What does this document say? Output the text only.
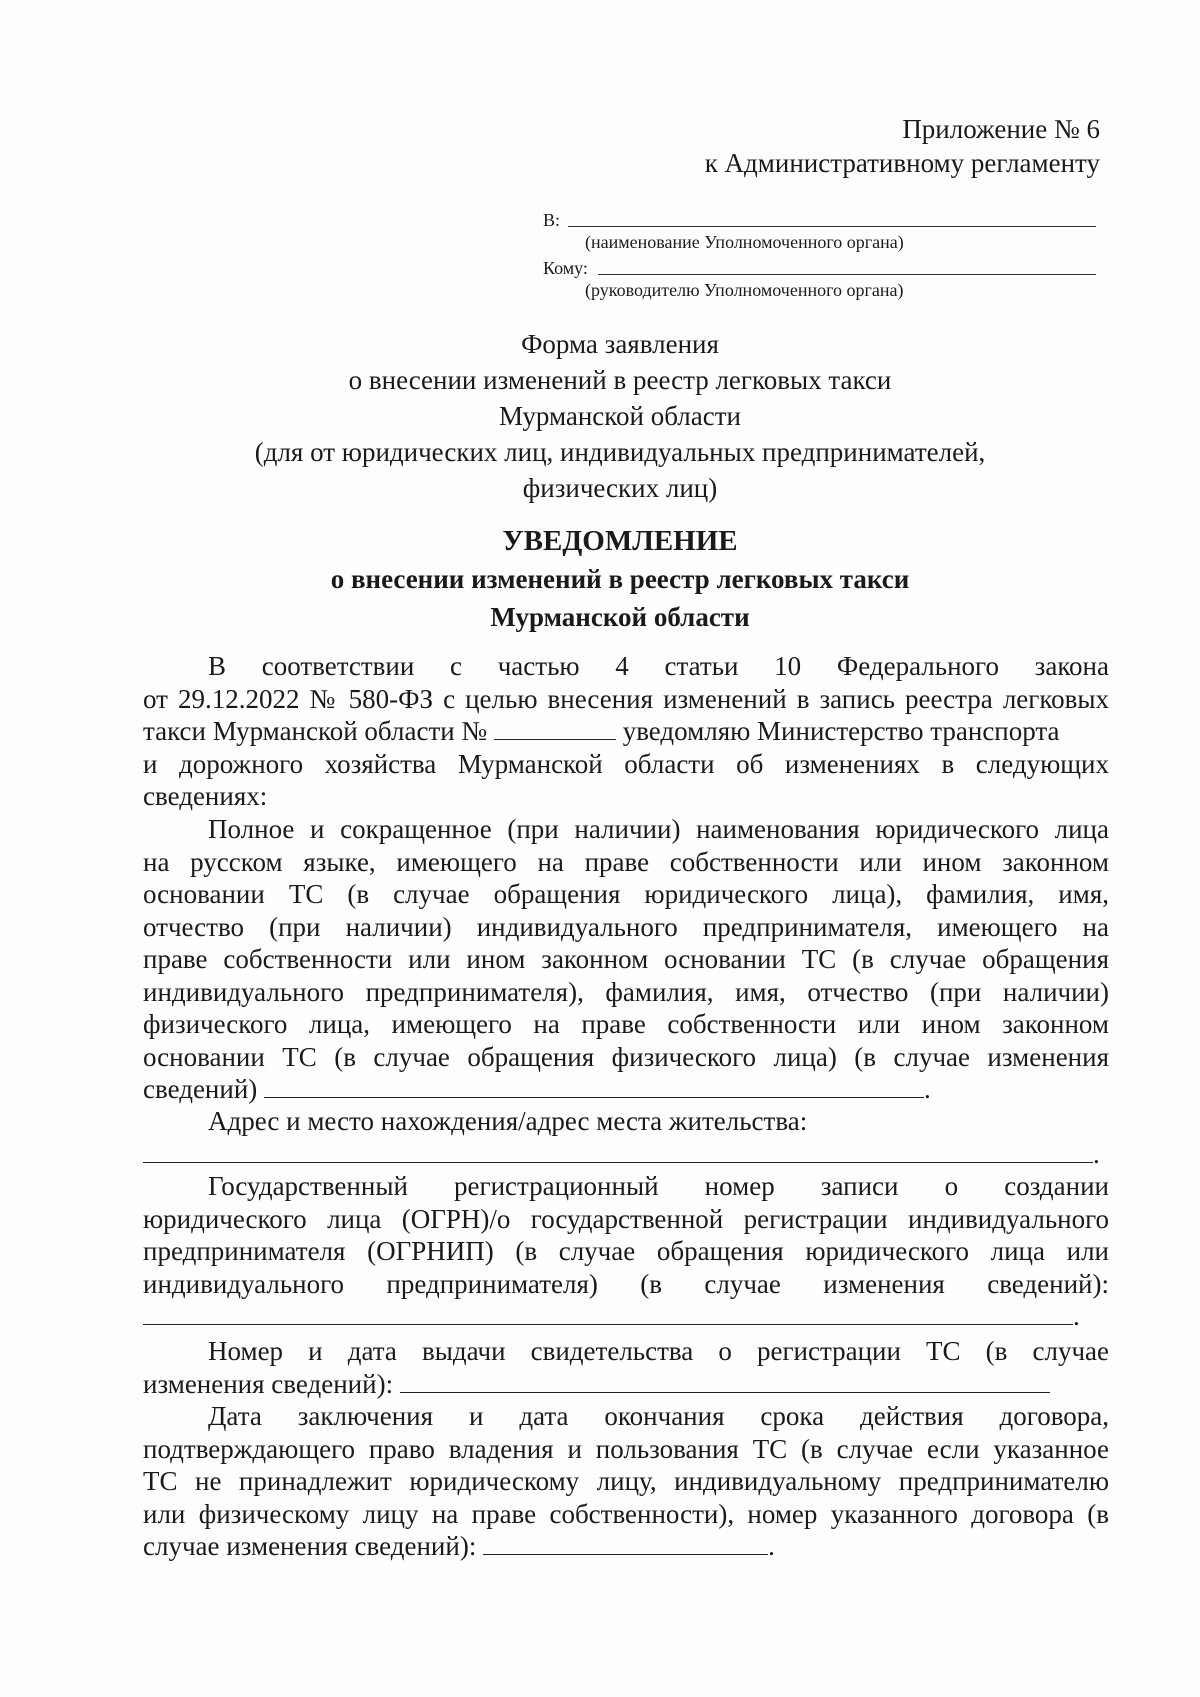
Приложение № 6
к Административному регламенту
В:
(наименование Уполномоченного органа)
Кому:
(руководителю Уполномоченного органа)
Форма заявления
о внесении изменений в реестр легковых такси
Мурманской области
(для от юридических лиц, индивидуальных предпринимателей,
физических лиц)
УВЕДОМЛЕНИЕ
о внесении изменений в реестр легковых такси
Мурманской области
В соответствии с частью 4 статьи 10 Федерального закона
от 29.12.2022 № 580-ФЗ с целью внесения изменений в запись реестра легковых
такси Мурманской области №	уведомляю Министерство транспорта
и дорожного хозяйства Мурманской области об изменениях в следующих
сведениях:
Полное и сокращенное (при наличии) наименования юридического лица
на русском языке, имеющего на праве собственности или ином законном
основании ТС (в случае обращения юридического лица), фамилия, имя,
отчество (при наличии) индивидуального предпринимателя, имеющего на
праве собственности или ином законном основании ТС (в случае обращения
индивидуального предпринимателя), фамилия, имя, отчество (при наличии)
физического лица, имеющего на праве собственности или ином законном
основании ТС (в случае обращения физического лица) (в случае изменения
сведений)	.
Адрес и место нахождения/адрес места жительства:
.
Государственный регистрационный номер записи о создании
юридического лица (ОГРН)/о государственной регистрации индивидуального
предпринимателя (ОГРНИП) (в случае обращения юридического лица или
индивидуального предпринимателя) (в случае изменения сведений):
.
Номер и дата выдачи свидетельства о регистрации ТС (в случае
изменения сведений):
Дата заключения и дата окончания срока действия договора,
подтверждающего право владения и пользования ТС (в случае если указанное
ТС не принадлежит юридическому лицу, индивидуальному предпринимателю
или физическому лицу на праве собственности), номер указанного договора (в
случае изменения сведений):	.
